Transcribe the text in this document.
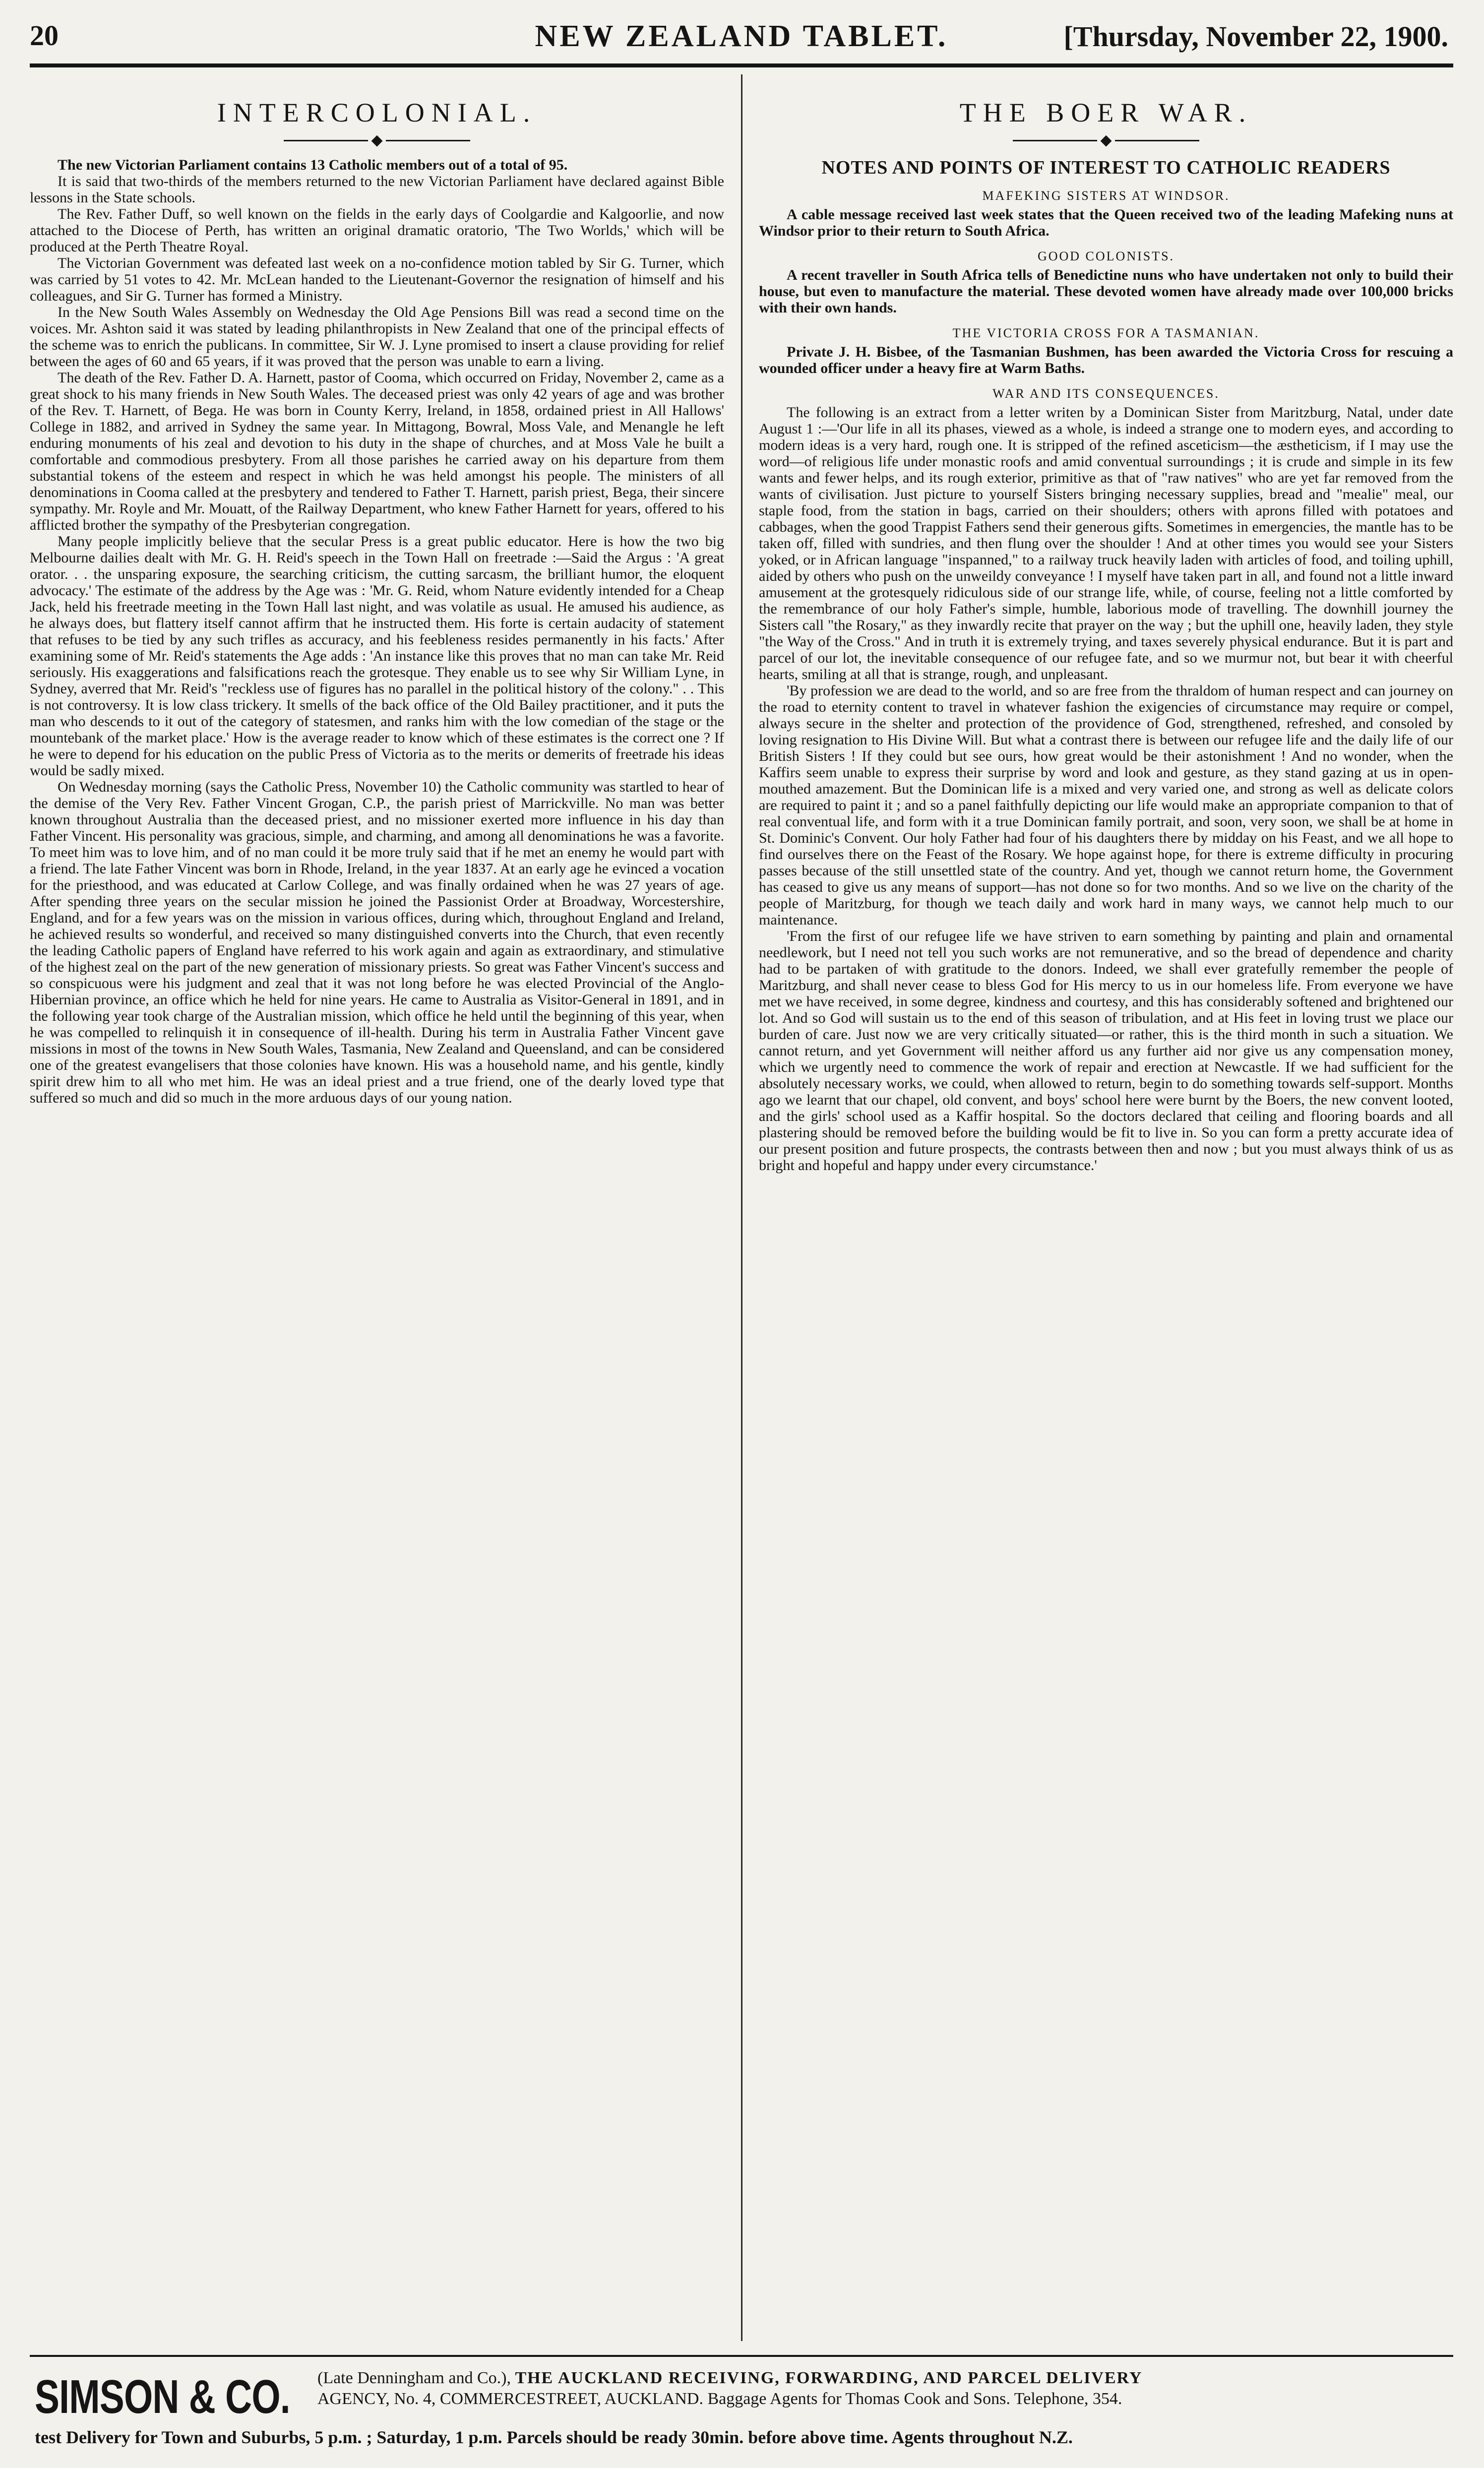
20	NEW ZEALAND TABLET.	[Thursday, November 22, 1900.
INTERCOLONIAL.
◆

The new Victorian Parliament contains 13 Catholic members out of a total of 95.

It is said that two-thirds of the members returned to the new Victorian Parliament have declared against Bible lessons in the State schools.

The Rev. Father Duff, so well known on the fields in the early days of Coolgardie and Kalgoorlie, and now attached to the Diocese of Perth, has written an original dramatic oratorio, 'The Two Worlds,' which will be produced at the Perth Theatre Royal.

The Victorian Government was defeated last week on a no-confidence motion tabled by Sir G. Turner, which was carried by 51 votes to 42. Mr. McLean handed to the Lieutenant-Governor the resignation of himself and his colleagues, and Sir G. Turner has formed a Ministry.

In the New South Wales Assembly on Wednesday the Old Age Pensions Bill was read a second time on the voices. Mr. Ashton said it was stated by leading philanthropists in New Zealand that one of the principal effects of the scheme was to enrich the publicans. In committee, Sir W. J. Lyne promised to insert a clause providing for relief between the ages of 60 and 65 years, if it was proved that the person was unable to earn a living.

The death of the Rev. Father D. A. Harnett, pastor of Cooma, which occurred on Friday, November 2, came as a great shock to his many friends in New South Wales. The deceased priest was only 42 years of age and was brother of the Rev. T. Harnett, of Bega. He was born in County Kerry, Ireland, in 1858, ordained priest in All Hallows' College in 1882, and arrived in Sydney the same year. In Mittagong, Bowral, Moss Vale, and Menangle he left enduring monuments of his zeal and devotion to his duty in the shape of churches, and at Moss Vale he built a comfortable and commodious presbytery. From all those parishes he carried away on his departure from them substantial tokens of the esteem and respect in which he was held amongst his people. The ministers of all denominations in Cooma called at the presbytery and tendered to Father T. Harnett, parish priest, Bega, their sincere sympathy. Mr. Royle and Mr. Mouatt, of the Railway Department, who knew Father Harnett for years, offered to his afflicted brother the sympathy of the Presbyterian congregation.

Many people implicitly believe that the secular Press is a great public educator. Here is how the two big Melbourne dailies dealt with Mr. G. H. Reid's speech in the Town Hall on freetrade :—Said the Argus : 'A great orator. . . the unsparing exposure, the searching criticism, the cutting sarcasm, the brilliant humor, the eloquent advocacy.' The estimate of the address by the Age was : 'Mr. G. Reid, whom Nature evidently intended for a Cheap Jack, held his freetrade meeting in the Town Hall last night, and was volatile as usual. He amused his audience, as he always does, but flattery itself cannot affirm that he instructed them. His forte is certain audacity of statement that refuses to be tied by any such trifles as accuracy, and his feebleness resides permanently in his facts.' After examining some of Mr. Reid's statements the Age adds : 'An instance like this proves that no man can take Mr. Reid seriously. His exaggerations and falsifications reach the grotesque. They enable us to see why Sir William Lyne, in Sydney, averred that Mr. Reid's "reckless use of figures has no parallel in the political history of the colony." . . This is not controversy. It is low class trickery. It smells of the back office of the Old Bailey practitioner, and it puts the man who descends to it out of the category of statesmen, and ranks him with the low comedian of the stage or the mountebank of the market place.' How is the average reader to know which of these estimates is the correct one ? If he were to depend for his education on the public Press of Victoria as to the merits or demerits of freetrade his ideas would be sadly mixed.

On Wednesday morning (says the Catholic Press, November 10) the Catholic community was startled to hear of the demise of the Very Rev. Father Vincent Grogan, C.P., the parish priest of Marrickville. No man was better known throughout Australia than the deceased priest, and no missioner exerted more influence in his day than Father Vincent. His personality was gracious, simple, and charming, and among all denominations he was a favorite. To meet him was to love him, and of no man could it be more truly said that if he met an enemy he would part with a friend. The late Father Vincent was born in Rhode, Ireland, in the year 1837. At an early age he evinced a vocation for the priesthood, and was educated at Carlow College, and was finally ordained when he was 27 years of age. After spending three years on the secular mission he joined the Passionist Order at Broadway, Worcestershire, England, and for a few years was on the mission in various offices, during which, throughout England and Ireland, he achieved results so wonderful, and received so many distinguished converts into the Church, that even recently the leading Catholic papers of England have referred to his work again and again as extraordinary, and stimulative of the highest zeal on the part of the new generation of missionary priests. So great was Father Vincent's success and so conspicuous were his judgment and zeal that it was not long before he was elected Provincial of the Anglo-Hibernian province, an office which he held for nine years. He came to Australia as Visitor-General in 1891, and in the following year took charge of the Australian mission, which office he held until the beginning of this year, when he was compelled to relinquish it in consequence of ill-health. During his term in Australia Father Vincent gave missions in most of the towns in New South Wales, Tasmania, New Zealand and Queensland, and can be considered one of the greatest evangelisers that those colonies have known. His was a household name, and his gentle, kindly spirit drew him to all who met him. He was an ideal priest and a true friend, one of the dearly loved type that suffered so much and did so much in the more arduous days of our young nation.

THE BOER WAR.
◆
NOTES AND POINTS OF INTEREST TO CATHOLIC READERS
MAFEKING SISTERS AT WINDSOR.

A cable message received last week states that the Queen received two of the leading Mafeking nuns at Windsor prior to their return to South Africa.

GOOD COLONISTS.

A recent traveller in South Africa tells of Benedictine nuns who have undertaken not only to build their house, but even to manufacture the material. These devoted women have already made over 100,000 bricks with their own hands.

THE VICTORIA CROSS FOR A TASMANIAN.

Private J. H. Bisbee, of the Tasmanian Bushmen, has been awarded the Victoria Cross for rescuing a wounded officer under a heavy fire at Warm Baths.

WAR AND ITS CONSEQUENCES.

The following is an extract from a letter writen by a Dominican Sister from Maritzburg, Natal, under date August 1 :—'Our life in all its phases, viewed as a whole, is indeed a strange one to modern eyes, and according to modern ideas is a very hard, rough one. It is stripped of the refined asceticism—the æstheticism, if I may use the word—of religious life under monastic roofs and amid conventual surroundings ; it is crude and simple in its few wants and fewer helps, and its rough exterior, primitive as that of "raw natives" who are yet far removed from the wants of civilisation. Just picture to yourself Sisters bringing necessary supplies, bread and "mealie" meal, our staple food, from the station in bags, carried on their shoulders; others with aprons filled with potatoes and cabbages, when the good Trappist Fathers send their generous gifts. Sometimes in emergencies, the mantle has to be taken off, filled with sundries, and then flung over the shoulder ! And at other times you would see your Sisters yoked, or in African language "inspanned," to a railway truck heavily laden with articles of food, and toiling uphill, aided by others who push on the unweildy conveyance ! I myself have taken part in all, and found not a little inward amusement at the grotesquely ridiculous side of our strange life, while, of course, feeling not a little comforted by the remembrance of our holy Father's simple, humble, laborious mode of travelling. The downhill journey the Sisters call "the Rosary," as they inwardly recite that prayer on the way ; but the uphill one, heavily laden, they style "the Way of the Cross." And in truth it is extremely trying, and taxes severely physical endurance. But it is part and parcel of our lot, the inevitable consequence of our refugee fate, and so we murmur not, but bear it with cheerful hearts, smiling at all that is strange, rough, and unpleasant.

'By profession we are dead to the world, and so are free from the thraldom of human respect and can journey on the road to eternity content to travel in whatever fashion the exigencies of circumstance may require or compel, always secure in the shelter and protection of the providence of God, strengthened, refreshed, and consoled by loving resignation to His Divine Will. But what a contrast there is between our refugee life and the daily life of our British Sisters ! If they could but see ours, how great would be their astonishment ! And no wonder, when the Kaffirs seem unable to express their surprise by word and look and gesture, as they stand gazing at us in open-mouthed amazement. But the Dominican life is a mixed and very varied one, and strong as well as delicate colors are required to paint it ; and so a panel faithfully depicting our life would make an appropriate companion to that of real conventual life, and form with it a true Dominican family portrait, and soon, very soon, we shall be at home in St. Dominic's Convent. Our holy Father had four of his daughters there by midday on his Feast, and we all hope to find ourselves there on the Feast of the Rosary. We hope against hope, for there is extreme difficulty in procuring passes because of the still unsettled state of the country. And yet, though we cannot return home, the Government has ceased to give us any means of support—has not done so for two months. And so we live on the charity of the people of Maritzburg, for though we teach daily and work hard in many ways, we cannot help much to our maintenance.

'From the first of our refugee life we have striven to earn something by painting and plain and ornamental needlework, but I need not tell you such works are not remunerative, and so the bread of dependence and charity had to be partaken of with gratitude to the donors. Indeed, we shall ever gratefully remember the people of Maritzburg, and shall never cease to bless God for His mercy to us in our homeless life. From everyone we have met we have received, in some degree, kindness and courtesy, and this has considerably softened and brightened our lot. And so God will sustain us to the end of this season of tribulation, and at His feet in loving trust we place our burden of care. Just now we are very critically situated—or rather, this is the third month in such a situation. We cannot return, and yet Government will neither afford us any further aid nor give us any compensation money, which we urgently need to commence the work of repair and erection at Newcastle. If we had sufficient for the absolutely necessary works, we could, when allowed to return, begin to do something towards self-support. Months ago we learnt that our chapel, old convent, and boys' school here were burnt by the Boers, the new convent looted, and the girls' school used as a Kaffir hospital. So the doctors declared that ceiling and flooring boards and all plastering should be removed before the building would be fit to live in. So you can form a pretty accurate idea of our present position and future prospects, the contrasts between then and now ; but you must always think of us as bright and hopeful and happy under every circumstance.'

SIMSON & CO. (Late Denningham and Co.), THE AUCKLAND RECEIVING, FORWARDING, AND PARCEL DELIVERY
AGENCY, No. 4, COMMERCESTREET, AUCKLAND. Baggage Agents for Thomas Cook and Sons. Telephone, 354.
test Delivery for Town and Suburbs, 5 p.m. ; Saturday, 1 p.m. Parcels should be ready 30min. before above time. Agents throughout N.Z.
